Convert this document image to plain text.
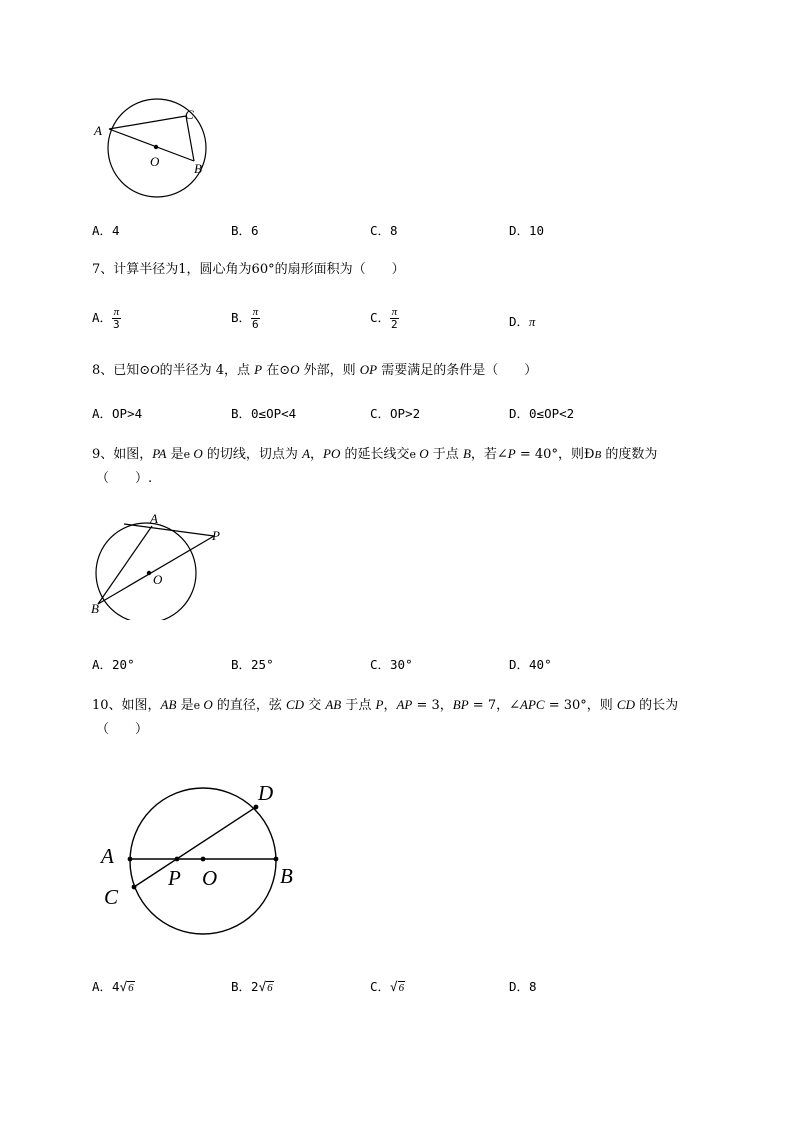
A
C
O	B
A．4	B．6	C．8	D．10
7、计算半径为1，圆心角为60°的扇形面积为（　　）
A． $\frac{\pi}{3}$	B． $\frac{\pi}{6}$	C． $\frac{\pi}{2}$	D．π
8、已知⊙O的半径为 4，点 P 在⊙O 外部，则 OP 需要满足的条件是（　　）
A．OP>4	B．0≤OP<4	C．OP>2	D．0≤OP<2
9、如图，PA 是e O 的切线，切点为 A，PO 的延长线交e O 于点 B，若∠P = 40°，则ÐB 的度数为
（　　）.
A
P
O
B
A．20°	B．25°	C．30°	D．40°
10、如图，AB 是e O 的直径，弦 CD 交 AB 于点 P，AP = 3，BP = 7，∠APC = 30°，则 CD 的长为
（　　）
A
C
D
P O	B
A．4√6	B．2√6	C．√6	D．8
